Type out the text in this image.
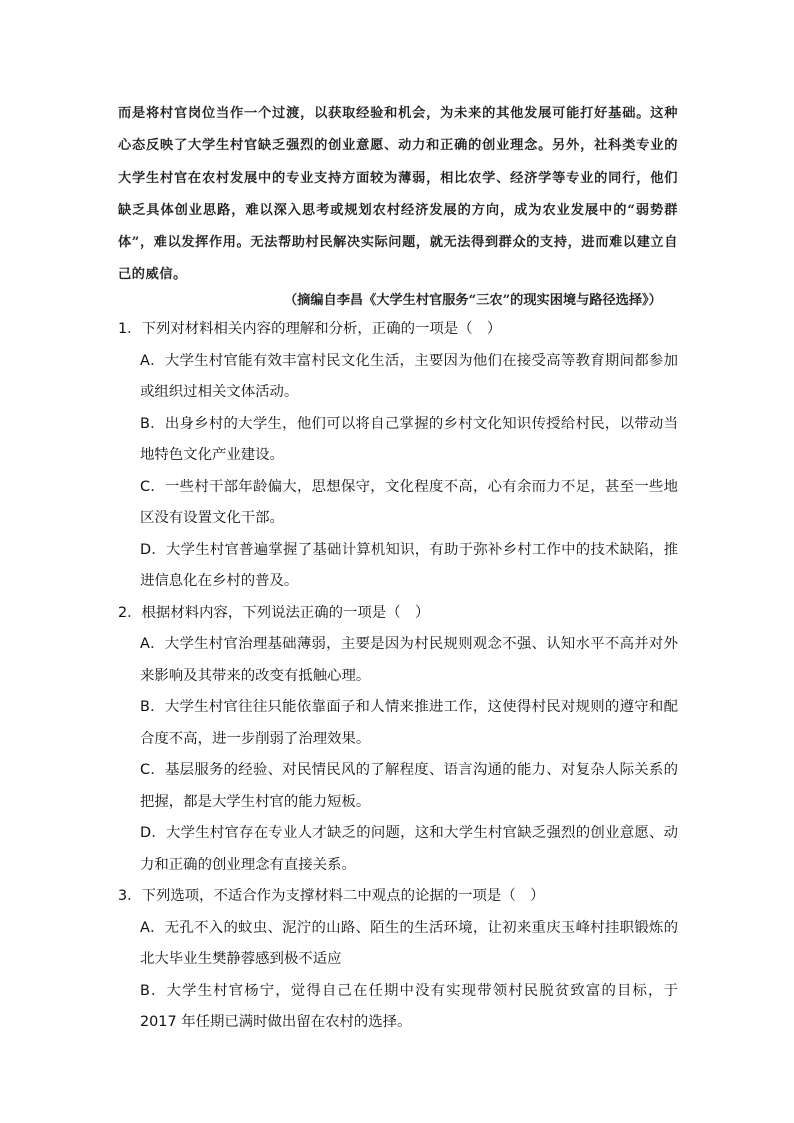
而是将村官岗位当作一个过渡，以获取经验和机会，为未来的其他发展可能打好基础。这种心态反映了大学生村官缺乏强烈的创业意愿、动力和正确的创业理念。另外，社科类专业的大学生村官在农村发展中的专业支持方面较为薄弱，相比农学、经济学等专业的同行，他们缺乏具体创业思路，难以深入思考或规划农村经济发展的方向，成为农业发展中的“弱势群体”，难以发挥作用。无法帮助村民解决实际问题，就无法得到群众的支持，进而难以建立自己的威信。

（摘编自李昌《大学生村官服务“三农”的现实困境与路径选择》）

1．下列对材料相关内容的理解和分析，正确的一项是（　）

A．大学生村官能有效丰富村民文化生活，主要因为他们在接受高等教育期间都参加或组织过相关文体活动。

B．出身乡村的大学生，他们可以将自己掌握的乡村文化知识传授给村民，以带动当地特色文化产业建设。

C．一些村干部年龄偏大，思想保守，文化程度不高，心有余而力不足，甚至一些地区没有设置文化干部。

D．大学生村官普遍掌握了基础计算机知识，有助于弥补乡村工作中的技术缺陷，推进信息化在乡村的普及。

2．根据材料内容，下列说法正确的一项是（　）

A．大学生村官治理基础薄弱，主要是因为村民规则观念不强、认知水平不高并对外来影响及其带来的改变有抵触心理。

B．大学生村官往往只能依靠面子和人情来推进工作，这使得村民对规则的遵守和配合度不高，进一步削弱了治理效果。

C．基层服务的经验、对民情民风的了解程度、语言沟通的能力、对复杂人际关系的把握，都是大学生村官的能力短板。

D．大学生村官存在专业人才缺乏的问题，这和大学生村官缺乏强烈的创业意愿、动力和正确的创业理念有直接关系。

3．下列选项，不适合作为支撑材料二中观点的论据的一项是（　）

A．无孔不入的蚊虫、泥泞的山路、陌生的生活环境，让初来重庆玉峰村挂职锻炼的北大毕业生樊静蓉感到极不适应

B．大学生村官杨宁，觉得自己在任期中没有实现带领村民脱贫致富的目标，于 2017 年任期已满时做出留在农村的选择。
